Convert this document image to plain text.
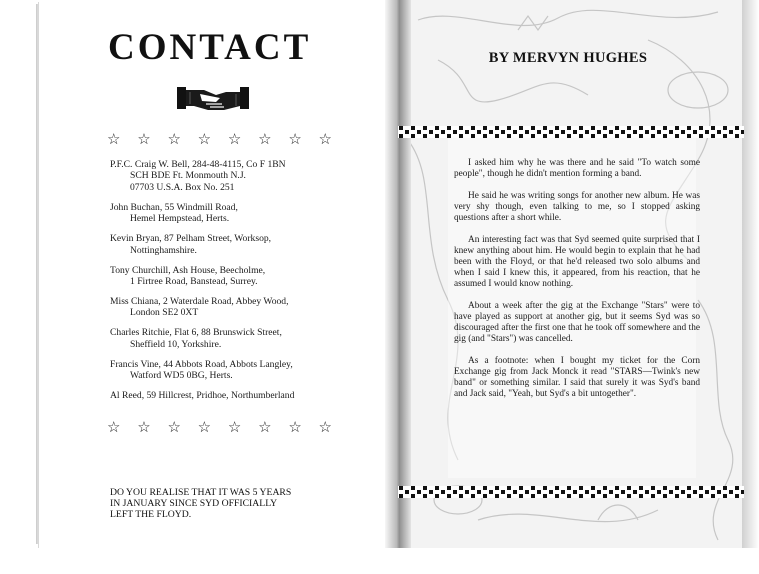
CONTACT
☆ ☆ ☆ ☆ ☆ ☆ ☆ ☆
P.F.C. Craig W. Bell, 284-48-4115, Co F 1BN
SCH BDE Ft. Monmouth N.J.
07703 U.S.A. Box No. 251
John Buchan, 55 Windmill Road,
Hemel Hempstead, Herts.
Kevin Bryan, 87 Pelham Street, Worksop,
Nottinghamshire.
Tony Churchill, Ash House, Beecholme,
1 Firtree Road, Banstead, Surrey.
Miss Chiana, 2 Waterdale Road, Abbey Wood,
London SE2 0XT
Charles Ritchie, Flat 6, 88 Brunswick Street,
Sheffield 10, Yorkshire.
Francis Vine, 44 Abbots Road, Abbots Langley,
Watford WD5 0BG, Herts.
Al Reed, 59 Hillcrest, Pridhoe, Northumberland
☆ ☆ ☆ ☆ ☆ ☆ ☆ ☆
DO YOU REALISE THAT IT WAS 5 YEARS
IN JANUARY SINCE SYD OFFICIALLY
LEFT THE FLOYD.
BY MERVYN HUGHES

I asked him why he was there and he said "To watch some people", though he didn't mention forming a band.

He said he was writing songs for another new album. He was very shy though, even talking to me, so I stopped asking questions after a short while.

An interesting fact was that Syd seemed quite surprised that I knew anything about him. He would begin to explain that he had been with the Floyd, or that he'd released two solo albums and when I said I knew this, it appeared, from his reaction, that he assumed I would know nothing.

About a week after the gig at the Exchange "Stars" were to have played as support at another gig, but it seems Syd was so discouraged after the first one that he took off somewhere and the gig (and "Stars") was cancelled.

As a footnote: when I bought my ticket for the Corn Exchange gig from Jack Monck it read "STARS—Twink's new band" or something similar. I said that surely it was Syd's band and Jack said, "Yeah, but Syd's a bit untogether".
